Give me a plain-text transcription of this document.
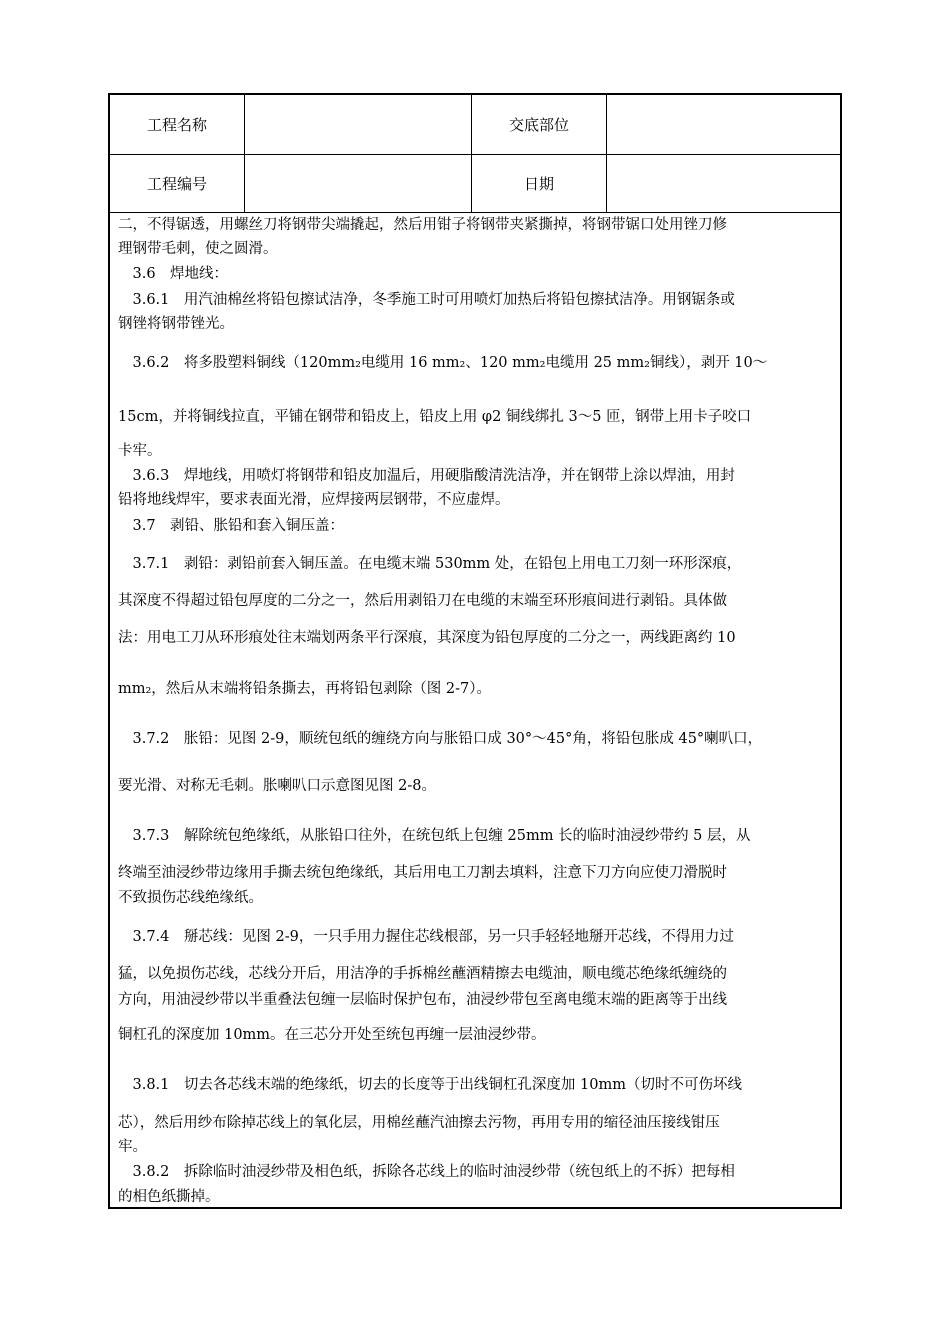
工程名称	交底部位
工程编号	日期
二，不得锯透，用螺丝刀将钢带尖端撬起，然后用钳子将钢带夹紧撕掉，将钢带锯口处用锉刀修
理钢带毛刺，使之圆滑。
　3.6　焊地线：
　3.6.1　用汽油棉丝将铅包擦试洁净，冬季施工时可用喷灯加热后将铅包擦拭洁净。用钢锯条或
钢锉将钢带锉光。
　3.6.2　将多股塑料铜线（120mm₂电缆用 16 mm₂、120 mm₂电缆用 25 mm₂铜线），剥开 10～
15cm，并将铜线拉直，平铺在钢带和铅皮上，铅皮上用 φ2 铜线绑扎 3～5 匝，钢带上用卡子咬口
卡牢。
　3.6.3　焊地线，用喷灯将钢带和铅皮加温后，用硬脂酸清洗洁净，并在钢带上涂以焊油，用封
铅将地线焊牢，要求表面光滑，应焊接两层钢带，不应虚焊。
　3.7　剥铅、胀铅和套入铜压盖：
　3.7.1　剥铅：剥铅前套入铜压盖。在电缆末端 530mm 处，在铅包上用电工刀刻一环形深痕，
其深度不得超过铅包厚度的二分之一，然后用剥铅刀在电缆的末端至环形痕间进行剥铅。具体做
法：用电工刀从环形痕处往末端划两条平行深痕，其深度为铅包厚度的二分之一，两线距离约 10
mm₂，然后从末端将铅条撕去，再将铅包剥除（图 2-7）。
　3.7.2　胀铅：见图 2-9，顺统包纸的缠绕方向与胀铅口成 30°～45°角，将铅包胀成 45°喇叭口，
要光滑、对称无毛刺。胀喇叭口示意图见图 2-8。
　3.7.3　解除统包绝缘纸，从胀铅口往外，在统包纸上包缠 25mm 长的临时油浸纱带约 5 层，从
终端至油浸纱带边缘用手撕去统包绝缘纸，其后用电工刀割去填料，注意下刀方向应使刀滑脱时
不致损伤芯线绝缘纸。
　3.7.4　掰芯线：见图 2-9，一只手用力握住芯线根部，另一只手轻轻地掰开芯线，不得用力过
猛，以免损伤芯线，芯线分开后，用洁净的手拆棉丝蘸酒精擦去电缆油，顺电缆芯绝缘纸缠绕的
方向，用油浸纱带以半重叠法包缠一层临时保护包布，油浸纱带包至离电缆末端的距离等于出线
铜杠孔的深度加 10mm。在三芯分开处至统包再缠一层油浸纱带。
　3.8.1　切去各芯线末端的绝缘纸，切去的长度等于出线铜杠孔深度加 10mm（切时不可伤坏线
芯），然后用纱布除掉芯线上的氧化层，用棉丝蘸汽油擦去污物，再用专用的缩径油压接线钳压
牢。
　3.8.2　拆除临时油浸纱带及相色纸，拆除各芯线上的临时油浸纱带（统包纸上的不拆）把每相
的相色纸撕掉。
